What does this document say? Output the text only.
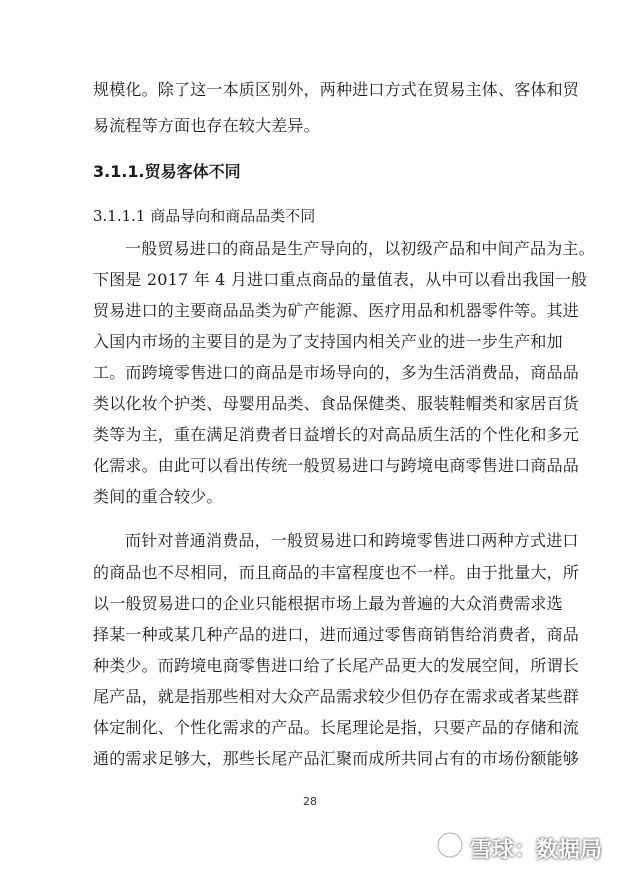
规模化。除了这一本质区别外，两种进口方式在贸易主体、客体和贸
易流程等方面也存在较大差异。
3.1.1.贸易客体不同
3.1.1.1 商品导向和商品品类不同
一般贸易进口的商品是生产导向的，以初级产品和中间产品为主。
下图是 2017 年 4 月进口重点商品的量值表，从中可以看出我国一般
贸易进口的主要商品品类为矿产能源、医疗用品和机器零件等。其进
入国内市场的主要目的是为了支持国内相关产业的进一步生产和加
工。而跨境零售进口的商品是市场导向的，多为生活消费品，商品品
类以化妆个护类、母婴用品类、食品保健类、服装鞋帽类和家居百货
类等为主，重在满足消费者日益增长的对高品质生活的个性化和多元
化需求。由此可以看出传统一般贸易进口与跨境电商零售进口商品品
类间的重合较少。
而针对普通消费品，一般贸易进口和跨境零售进口两种方式进口
的商品也不尽相同，而且商品的丰富程度也不一样。由于批量大，所
以一般贸易进口的企业只能根据市场上最为普遍的大众消费需求选
择某一种或某几种产品的进口，进而通过零售商销售给消费者，商品
种类少。而跨境电商零售进口给了长尾产品更大的发展空间，所谓长
尾产品，就是指那些相对大众产品需求较少但仍存在需求或者某些群
体定制化、个性化需求的产品。长尾理论是指，只要产品的存储和流
通的需求足够大，那些长尾产品汇聚而成所共同占有的市场份额能够
28
雪球：数据局
